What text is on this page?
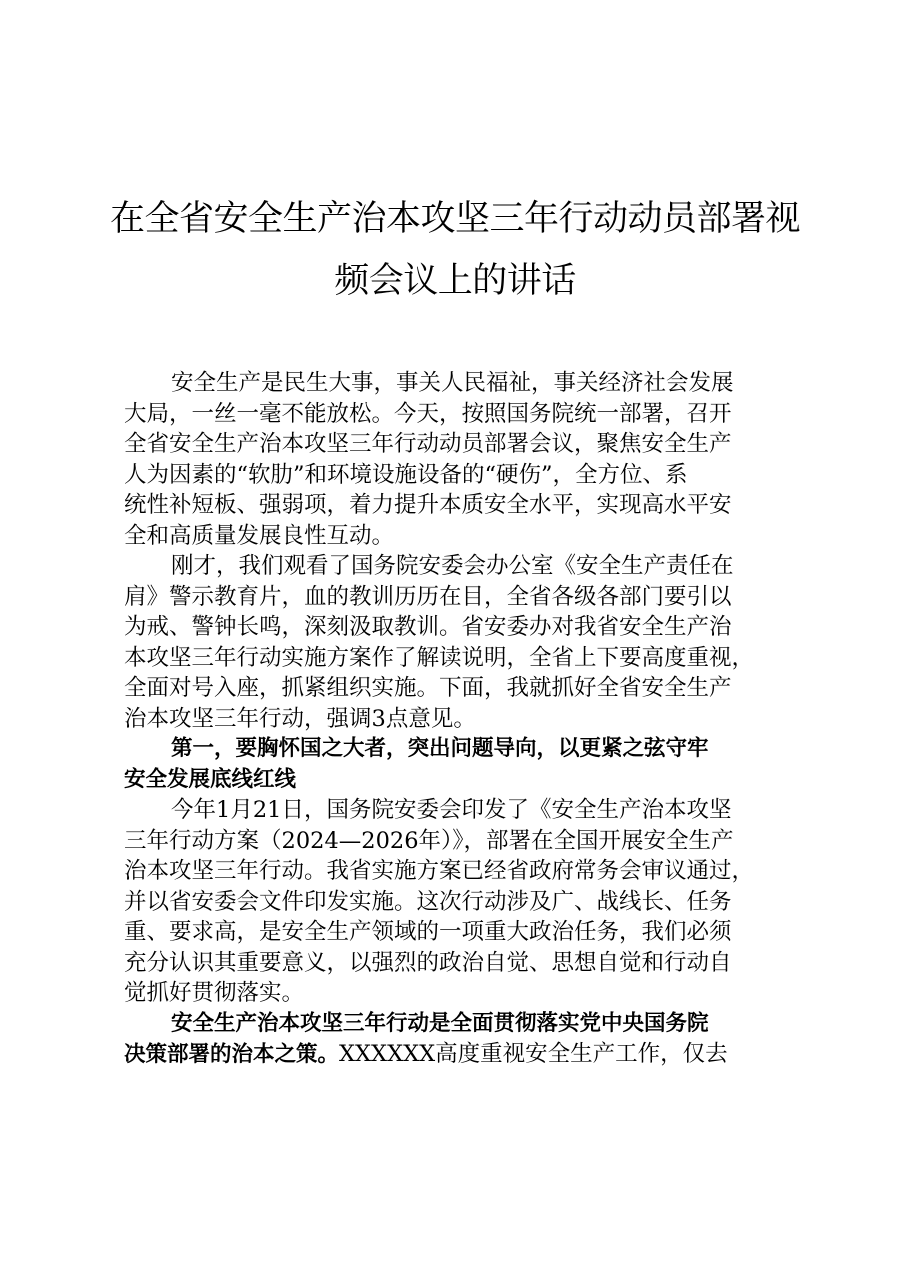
在全省安全生产治本攻坚三年行动动员部署视
频会议上的讲话
安全生产是民生大事，事关人民福祉，事关经济社会发展
大局，一丝一毫不能放松。今天，按照国务院统一部署，召开
全省安全生产治本攻坚三年行动动员部署会议，聚焦安全生产
人为因素的“软肋”和环境设施设备的“硬伤”，全方位、系
统性补短板、强弱项，着力提升本质安全水平，实现高水平安
全和高质量发展良性互动。
刚才，我们观看了国务院安委会办公室《安全生产责任在
肩》警示教育片，血的教训历历在目，全省各级各部门要引以
为戒、警钟长鸣，深刻汲取教训。省安委办对我省安全生产治
本攻坚三年行动实施方案作了解读说明，全省上下要高度重视，
全面对号入座，抓紧组织实施。下面，我就抓好全省安全生产
治本攻坚三年行动，强调3点意见。
第一，要胸怀国之大者，突出问题导向，以更紧之弦守牢
安全发展底线红线
今年1月21日，国务院安委会印发了《安全生产治本攻坚
三年行动方案（2024—2026年）》，部署在全国开展安全生产
治本攻坚三年行动。我省实施方案已经省政府常务会审议通过，
并以省安委会文件印发实施。这次行动涉及广、战线长、任务
重、要求高，是安全生产领域的一项重大政治任务，我们必须
充分认识其重要意义，以强烈的政治自觉、思想自觉和行动自
觉抓好贯彻落实。
安全生产治本攻坚三年行动是全面贯彻落实党中央国务院
决策部署的治本之策。XXXXXX高度重视安全生产工作，仅去
